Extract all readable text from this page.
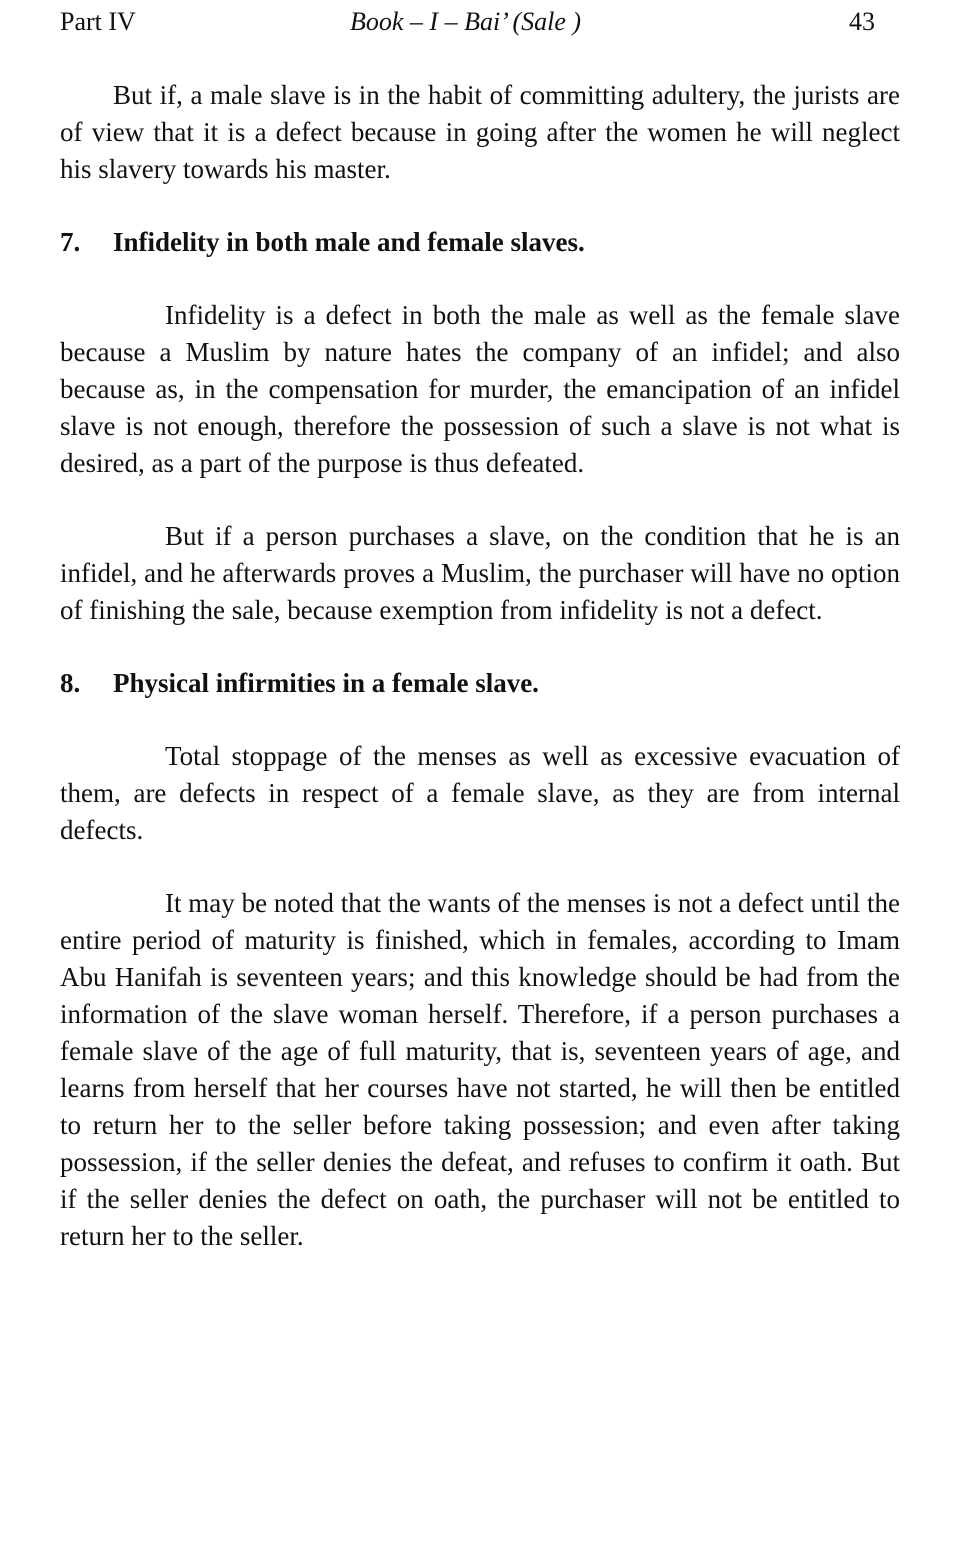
Part IV	Book – I – Bai’ (Sale )	43

But if, a male slave is in the habit of committing adultery, the jurists are of view that it is a defect because in going after the women he will neglect his slavery towards his master.

7. Infidelity in both male and female slaves.

Infidelity is a defect in both the male as well as the female slave because a Muslim by nature hates the company of an infidel; and also because as, in the compensation for murder, the emancipation of an infidel slave is not enough, therefore the possession of such a slave is not what is desired, as a part of the purpose is thus defeated.

But if a person purchases a slave, on the condition that he is an infidel, and he afterwards proves a Muslim, the purchaser will have no option of finishing the sale, because exemption from infidelity is not a defect.

8. Physical infirmities in a female slave.

Total stoppage of the menses as well as excessive evacuation of them, are defects in respect of a female slave, as they are from internal defects.

It may be noted that the wants of the menses is not a defect until the entire period of maturity is finished, which in females, according to Imam Abu Hanifah is seventeen years; and this knowledge should be had from the information of the slave woman herself. Therefore, if a person purchases a female slave of the age of full maturity, that is, seventeen years of age, and learns from herself that her courses have not started, he will then be entitled to return her to the seller before taking possession; and even after taking possession, if the seller denies the defeat, and refuses to confirm it oath. But if the seller denies the defect on oath, the purchaser will not be entitled to return her to the seller.
